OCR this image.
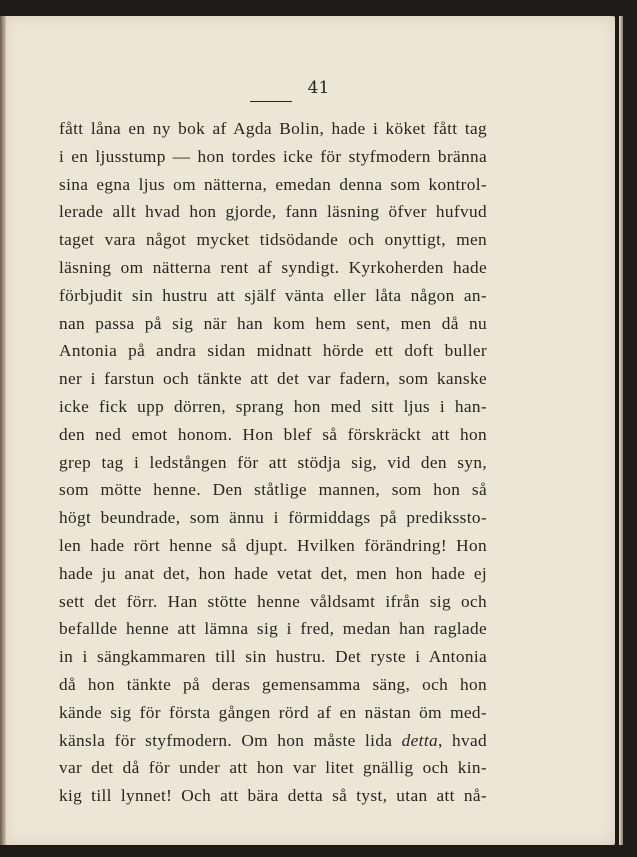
41
fått låna en ny bok af Agda Bolin, hade i köket fått tag
i en ljusstump — hon tordes icke för styfmodern bränna
sina egna ljus om nätterna, emedan denna som kontrol-
lerade allt hvad hon gjorde, fann läsning öfver hufvud
taget vara något mycket tidsödande och onyttigt, men
läsning om nätterna rent af syndigt. Kyrkoherden hade
förbjudit sin hustru att själf vänta eller låta någon an-
nan passa på sig när han kom hem sent, men då nu
Antonia på andra sidan midnatt hörde ett doft buller
ner i farstun och tänkte att det var fadern, som kanske
icke fick upp dörren, sprang hon med sitt ljus i han-
den ned emot honom. Hon blef så förskräckt att hon
grep tag i ledstången för att stödja sig, vid den syn,
som mötte henne. Den ståtlige mannen, som hon så
högt beundrade, som ännu i förmiddags på predikssto-
len hade rört henne så djupt. Hvilken förändring! Hon
hade ju anat det, hon hade vetat det, men hon hade ej
sett det förr. Han stötte henne våldsamt ifrån sig och
befallde henne att lämna sig i fred, medan han raglade
in i sängkammaren till sin hustru. Det ryste i Antonia
då hon tänkte på deras gemensamma säng, och hon
kände sig för första gången rörd af en nästan öm med-
känsla för styfmodern. Om hon måste lida detta, hvad
var det då för under att hon var litet gnällig och kin-
kig till lynnet! Och att bära detta så tyst, utan att nå-
